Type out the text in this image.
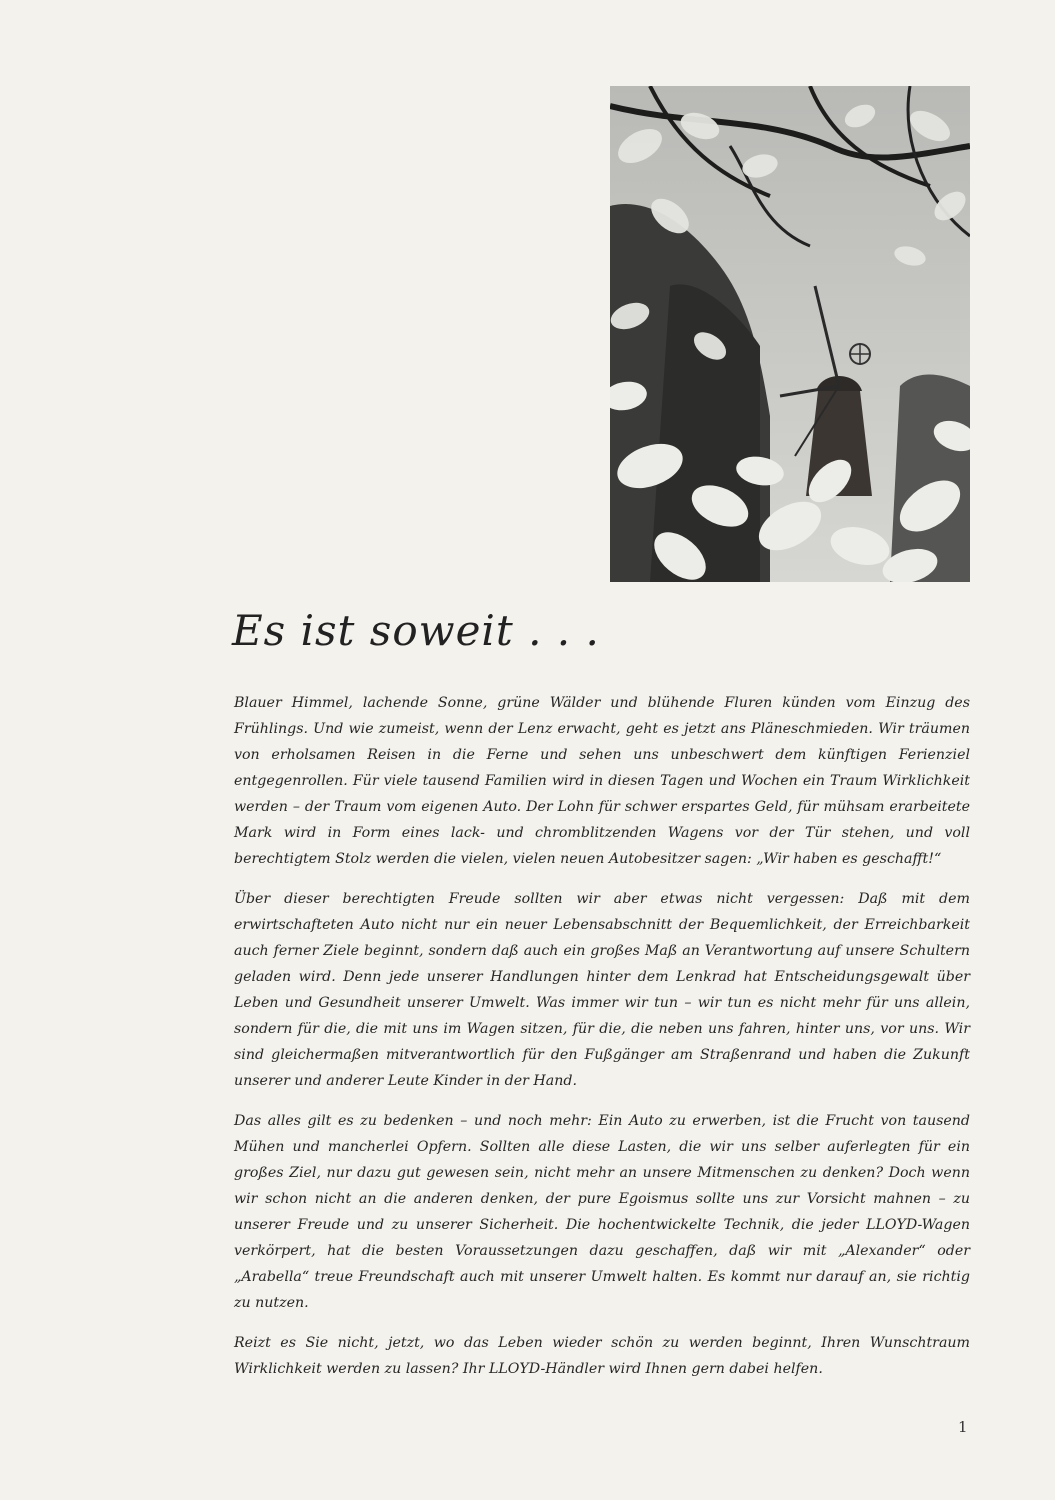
Es ist soweit . . .

Blauer Himmel, lachende Sonne, grüne Wälder und blühende Fluren künden vom Einzug des Frühlings. Und wie zumeist, wenn der Lenz erwacht, geht es jetzt ans Pläneschmieden. Wir träumen von erholsamen Reisen in die Ferne und sehen uns unbeschwert dem künftigen Ferienziel entgegenrollen. Für viele tausend Familien wird in diesen Tagen und Wochen ein Traum Wirklichkeit werden – der Traum vom eigenen Auto. Der Lohn für schwer erspartes Geld, für mühsam erarbeitete Mark wird in Form eines lack- und chromblitzenden Wagens vor der Tür stehen, und voll berechtigtem Stolz werden die vielen, vielen neuen Autobesitzer sagen: „Wir haben es geschafft!“

Über dieser berechtigten Freude sollten wir aber etwas nicht vergessen: Daß mit dem erwirtschafteten Auto nicht nur ein neuer Lebensabschnitt der Bequemlichkeit, der Erreichbarkeit auch ferner Ziele beginnt, sondern daß auch ein großes Maß an Verantwortung auf unsere Schultern geladen wird. Denn jede unserer Handlungen hinter dem Lenkrad hat Entscheidungsgewalt über Leben und Gesundheit unserer Umwelt. Was immer wir tun – wir tun es nicht mehr für uns allein, sondern für die, die mit uns im Wagen sitzen, für die, die neben uns fahren, hinter uns, vor uns. Wir sind gleichermaßen mitverantwortlich für den Fußgänger am Straßenrand und haben die Zukunft unserer und anderer Leute Kinder in der Hand.

Das alles gilt es zu bedenken – und noch mehr: Ein Auto zu erwerben, ist die Frucht von tausend Mühen und mancherlei Opfern. Sollten alle diese Lasten, die wir uns selber auferlegten für ein großes Ziel, nur dazu gut gewesen sein, nicht mehr an unsere Mitmenschen zu denken? Doch wenn wir schon nicht an die anderen denken, der pure Egoismus sollte uns zur Vorsicht mahnen – zu unserer Freude und zu unserer Sicherheit. Die hochentwickelte Technik, die jeder LLOYD-Wagen verkörpert, hat die besten Voraussetzungen dazu geschaffen, daß wir mit „Alexander“ oder „Arabella“ treue Freundschaft auch mit unserer Umwelt halten. Es kommt nur darauf an, sie richtig zu nutzen.

Reizt es Sie nicht, jetzt, wo das Leben wieder schön zu werden beginnt, Ihren Wunschtraum Wirklichkeit werden zu lassen? Ihr LLOYD-Händler wird Ihnen gern dabei helfen.

1
